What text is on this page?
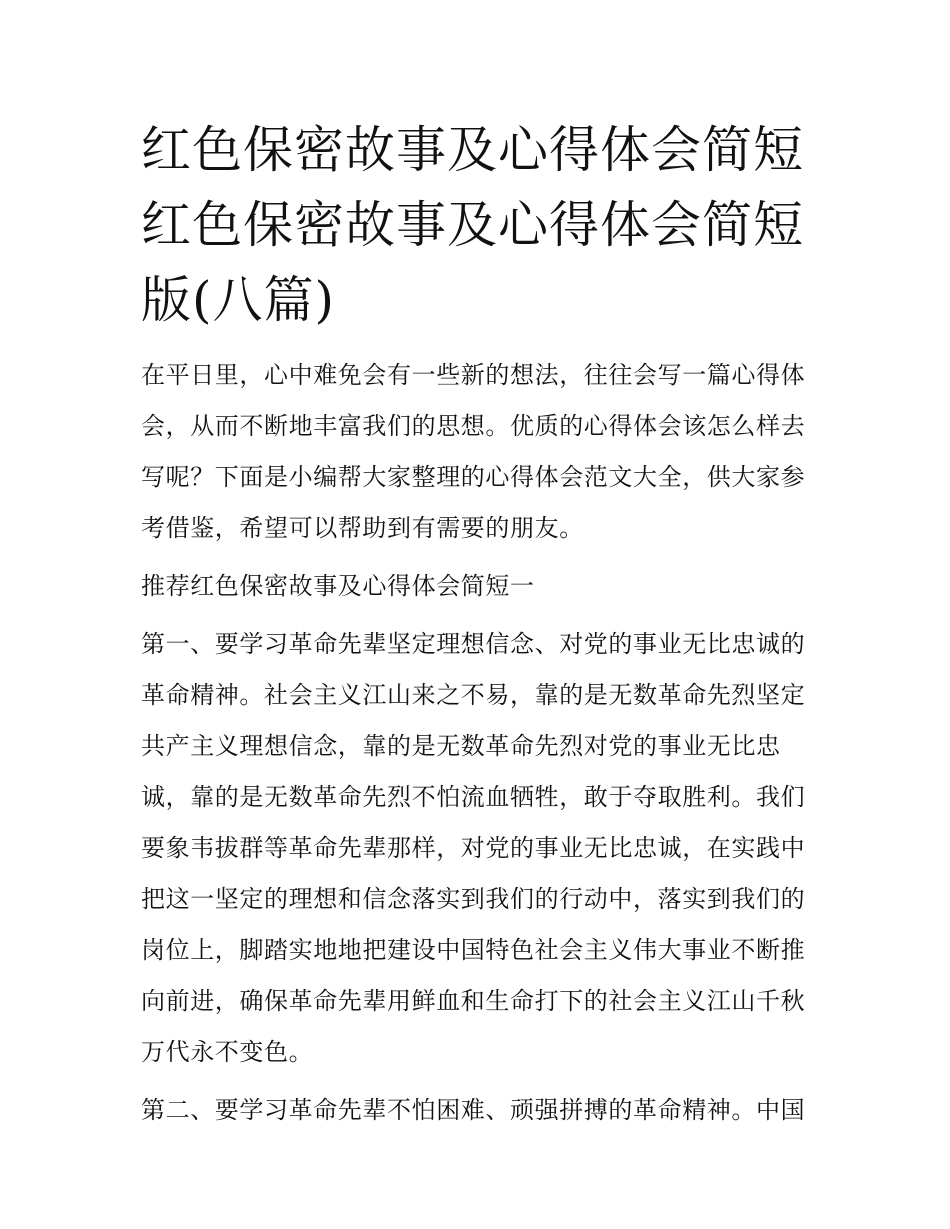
红色保密故事及心得体会简短
红色保密故事及心得体会简短
版(八篇)

在平日里，心中难免会有一些新的想法，往往会写一篇心得体会，从而不断地丰富我们的思想。优质的心得体会该怎么样去写呢？下面是小编帮大家整理的心得体会范文大全，供大家参考借鉴，希望可以帮助到有需要的朋友。

推荐红色保密故事及心得体会简短一

第一、要学习革命先辈坚定理想信念、对党的事业无比忠诚的革命精神。社会主义江山来之不易，靠的是无数革命先烈坚定共产主义理想信念，靠的是无数革命先烈对党的事业无比忠诚，靠的是无数革命先烈不怕流血牺牲，敢于夺取胜利。我们要象韦拔群等革命先辈那样，对党的事业无比忠诚，在实践中把这一坚定的理想和信念落实到我们的行动中，落实到我们的岗位上，脚踏实地地把建设中国特色社会主义伟大事业不断推向前进，确保革命先辈用鲜血和生命打下的社会主义江山千秋万代永不变色。

第二、要学习革命先辈不怕困难、顽强拼搏的革命精神。中国
